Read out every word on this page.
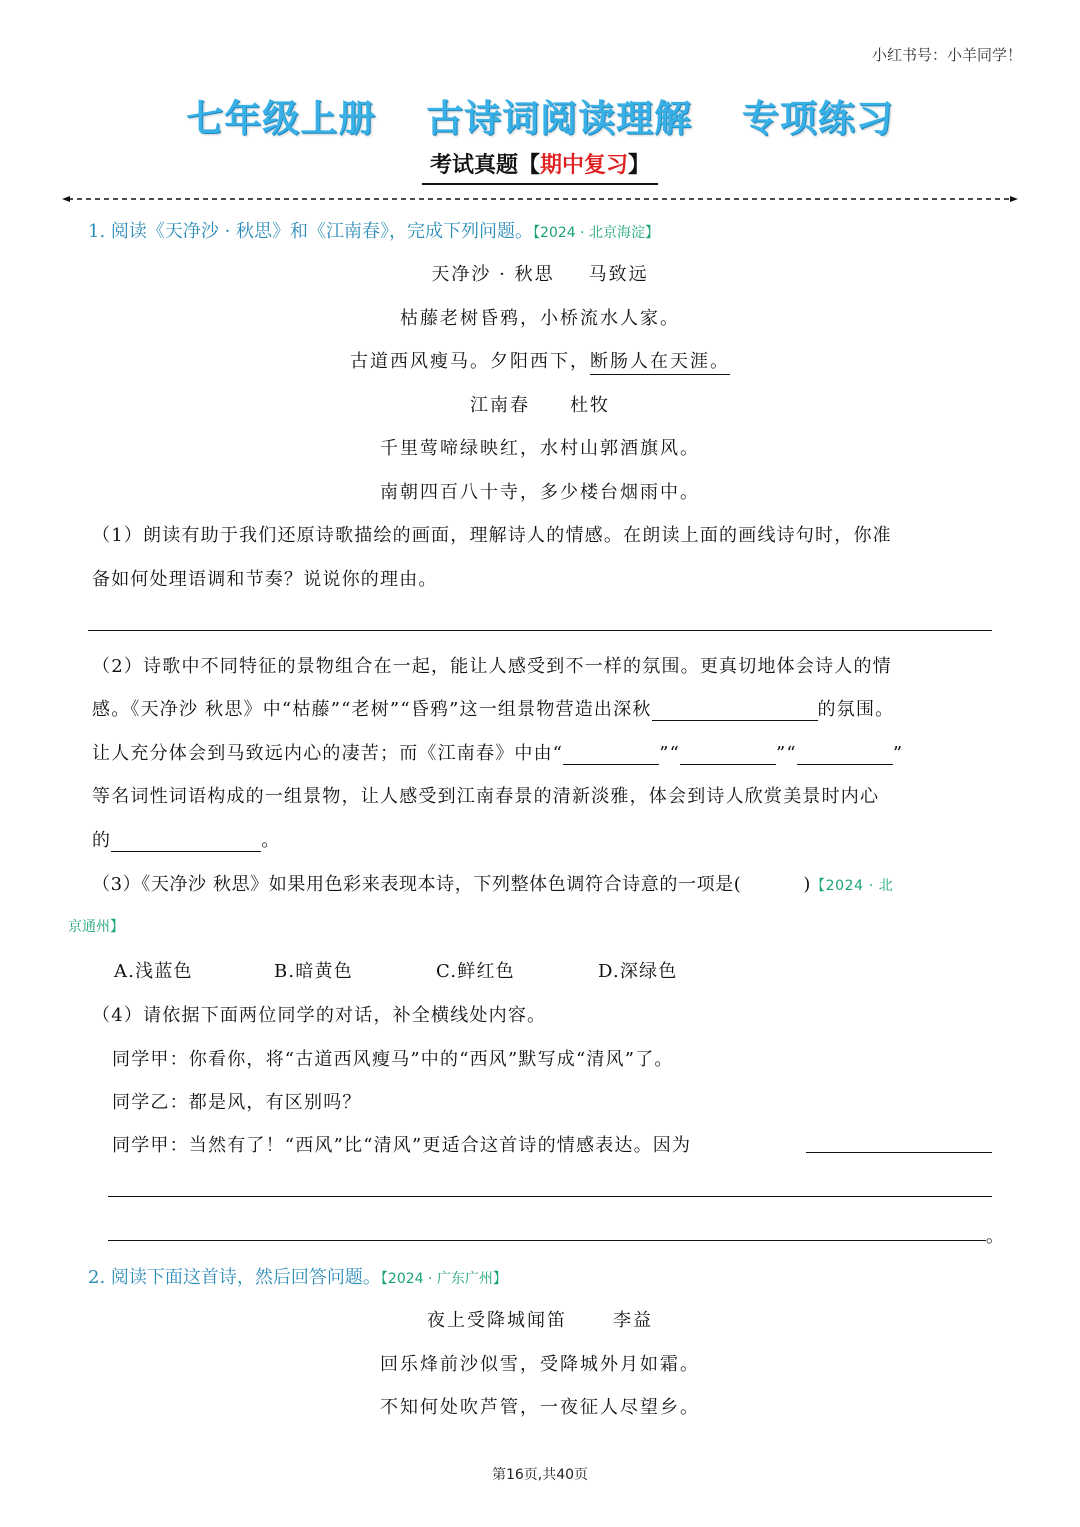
小红书号：小羊同学！
七年级上册 古诗词阅读理解 专项练习
考试真题【期中复习】
1. 阅读《天净沙 · 秋思》和《江南春》，完成下列问题。【2024 · 北京海淀】
天净沙 · 秋思 马致远
枯藤老树昏鸦，小桥流水人家。
古道西风瘦马。夕阳西下，断肠人在天涯。
江南春 杜牧
千里莺啼绿映红，水村山郭酒旗风。
南朝四百八十寺，多少楼台烟雨中。
（1）朗读有助于我们还原诗歌描绘的画面，理解诗人的情感。在朗读上面的画线诗句时，你准
备如何处理语调和节奏？说说你的理由。
（2）诗歌中不同特征的景物组合在一起，能让人感受到不一样的氛围。更真切地体会诗人的情
感。《天净沙 秋思》中“枯藤”“老树”“昏鸦”这一组景物营造出深秋	的氛围。
让人充分体会到马致远内心的凄苦；而《江南春》中由“	”“	”“	”
等名词性词语构成的一组景物，让人感受到江南春景的清新淡雅，体会到诗人欣赏美景时内心
的	。
（3）《天净沙 秋思》如果用色彩来表现本诗，下列整体色调符合诗意的一项是(	)【2024 · 北
京通州】
A.浅蓝色	B.暗黄色	C.鲜红色	D.深绿色
（4）请依据下面两位同学的对话，补全横线处内容。
同学甲：你看你，将“古道西风瘦马”中的“西风”默写成“清风”了。
同学乙：都是风，有区别吗？
同学甲：当然有了！“西风”比“清风”更适合这首诗的情感表达。因为
。
2. 阅读下面这首诗，然后回答问题。【2024 · 广东广州】
夜上受降城闻笛	李益
回乐烽前沙似雪，受降城外月如霜。
不知何处吹芦管，一夜征人尽望乡。
第16页,共40页
